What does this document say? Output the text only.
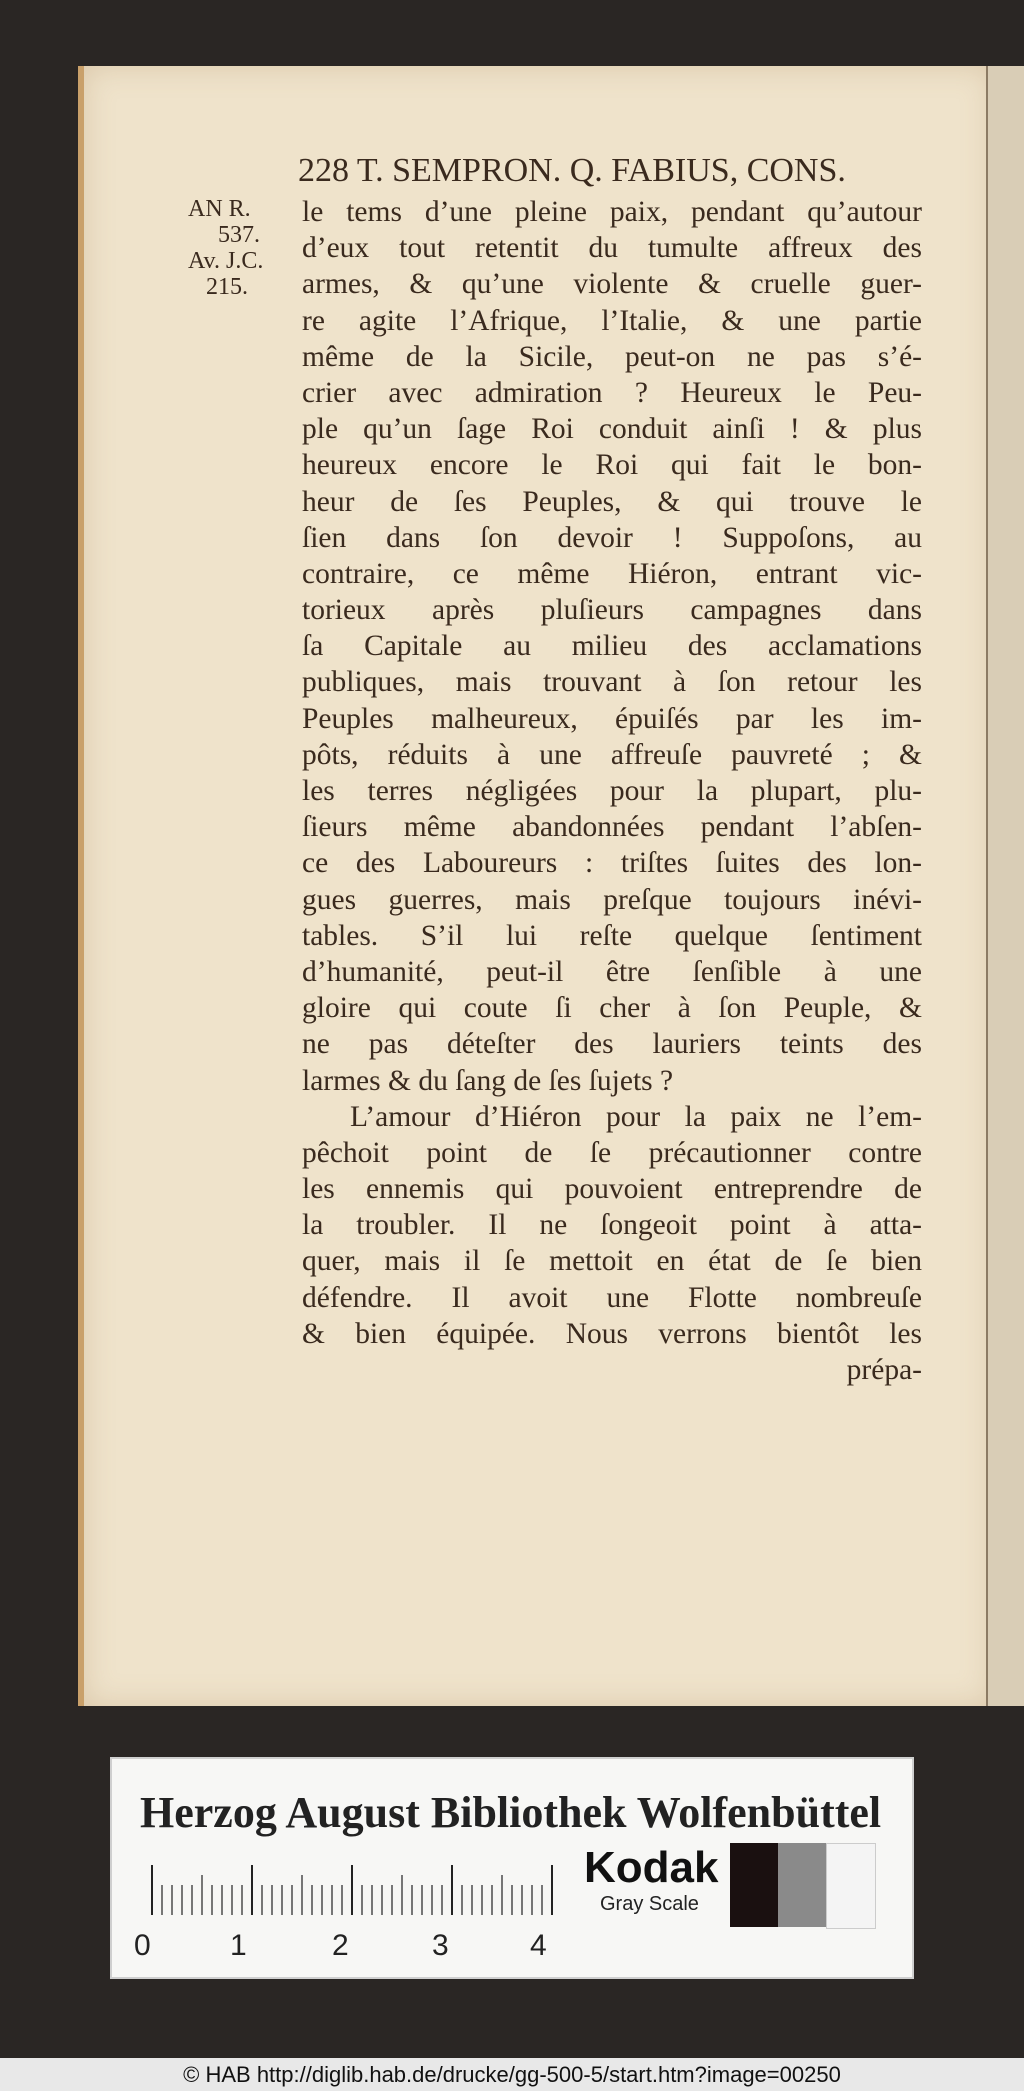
228 T. SEMPRON. Q. FABIUS, CONS.
AN R.
537.
Av. J.C.
215.
le tems d’une pleine paix, pendant qu’autour
d’eux tout retentit du tumulte affreux des
armes, & qu’une violente & cruelle guer-
re agite l’Afrique, l’Italie, & une partie
même de la Sicile, peut-on ne pas s’é-
crier avec admiration ? Heureux le Peu-
ple qu’un ſage Roi conduit ainſi ! & plus
heureux encore le Roi qui fait le bon-
heur de ſes Peuples, & qui trouve le
ſien dans ſon devoir ! Suppoſons, au
contraire, ce même Hiéron, entrant vic-
torieux après pluſieurs campagnes dans
ſa Capitale au milieu des acclamations
publiques, mais trouvant à ſon retour les
Peuples malheureux, épuiſés par les im-
pôts, réduits à une affreuſe pauvreté ; &
les terres négligées pour la plupart, plu-
ſieurs même abandonnées pendant l’abſen-
ce des Laboureurs : triſtes ſuites des lon-
gues guerres, mais preſque toujours inévi-
tables. S’il lui reſte quelque ſentiment
d’humanité, peut-il être ſenſible à une
gloire qui coute ſi cher à ſon Peuple, &
ne pas déteſter des lauriers teints des
larmes & du ſang de ſes ſujets ?
L’amour d’Hiéron pour la paix ne l’em-
pêchoit point de ſe précautionner contre
les ennemis qui pouvoient entreprendre de
la troubler. Il ne ſongeoit point à atta-
quer, mais il ſe mettoit en état de ſe bien
défendre. Il avoit une Flotte nombreuſe
& bien équipée. Nous verrons bientôt les
prépa-
Herzog August Bibliothek Wolfenbüttel
0	1	2	3	4
Kodak
Gray Scale
© HAB http://diglib.hab.de/drucke/gg-500-5/start.htm?image=00250
